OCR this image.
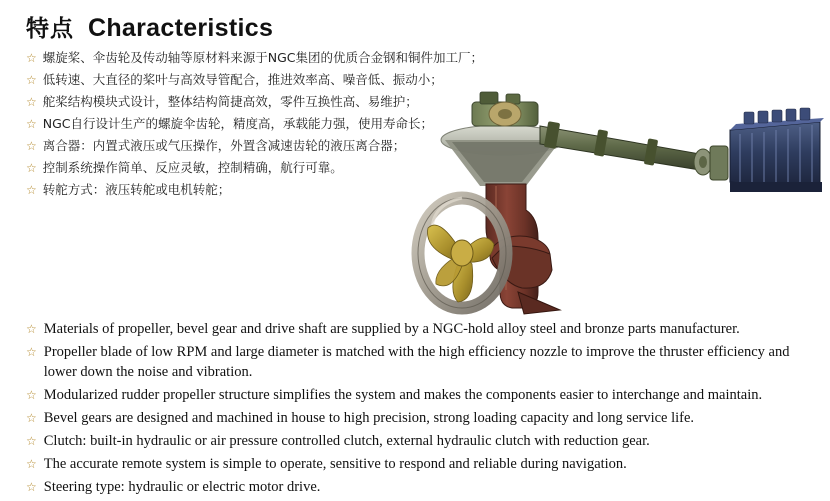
特点 Characteristics
☆ 螺旋桨、伞齿轮及传动轴等原材料来源于NGC集团的优质合金钢和铜件加工厂；
☆ 低转速、大直径的桨叶与高效导管配合，推进效率高、噪音低、振动小；
☆ 舵桨结构模块式设计，整体结构简捷高效，零件互换性高、易维护；
☆ NGC自行设计生产的螺旋伞齿轮，精度高，承载能力强，使用寿命长；
☆ 离合器：内置式液压或气压操作，外置含减速齿轮的液压离合器；
☆ 控制系统操作简单、反应灵敏，控制精确，航行可靠。
☆ 转舵方式：液压转舵或电机转舵；
☆ Materials of propeller, bevel gear and drive shaft are supplied by a NGC-hold alloy steel and bronze parts manufacturer.
☆ Propeller blade of low RPM and large diameter is matched with the high efficiency nozzle to improve the thruster efficiency and lower down the noise and vibration.
☆ Modularized rudder propeller structure simplifies the system and makes the components easier to interchange and maintain.
☆ Bevel gears are designed and machined in house to high precision, strong loading capacity and long service life.
☆ Clutch: built-in hydraulic or air pressure controlled clutch, external hydraulic clutch with reduction gear.
☆ The accurate remote system is simple to operate, sensitive to respond and reliable during navigation.
☆ Steering type: hydraulic or electric motor drive.
